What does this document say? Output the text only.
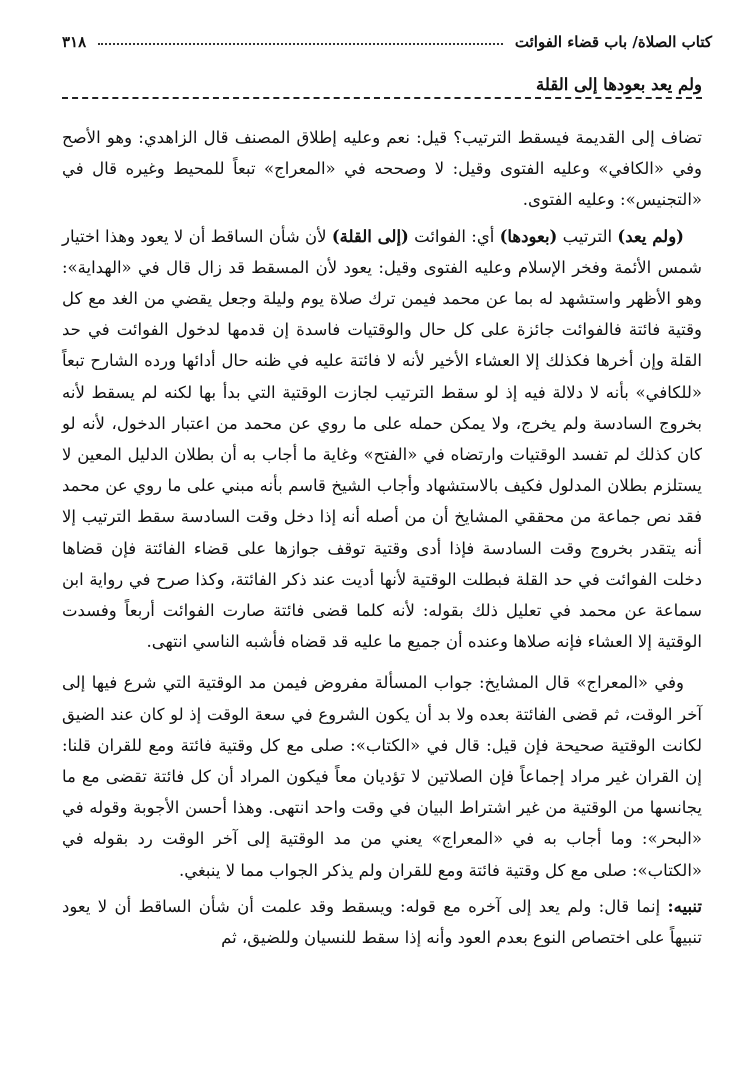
كتاب الصلاة/ باب قضاء الفوائت
٣١٨
ولم يعد بعودها إلى القلة

تضاف إلى القديمة فيسقط الترتيب؟ قيل: نعم وعليه إطلاق المصنف قال الزاهدي: وهو الأصح وفي «الكافي» وعليه الفتوى وقيل: لا وصححه في «المعراج» تبعاً للمحيط وغيره قال في «التجنيس»: وعليه الفتوى.

(ولم يعد) الترتيب (بعودها) أي: الفوائت (إلى القلة) لأن شأن الساقط أن لا يعود وهذا اختيار شمس الأئمة وفخر الإسلام وعليه الفتوى وقيل: يعود لأن المسقط قد زال قال في «الهداية»: وهو الأظهر واستشهد له بما عن محمد فيمن ترك صلاة يوم وليلة وجعل يقضي من الغد مع كل وقتية فائتة فالفوائت جائزة على كل حال والوقتيات فاسدة إن قدمها لدخول الفوائت في حد القلة وإن أخرها فكذلك إلا العشاء الأخير لأنه لا فائتة عليه في ظنه حال أدائها ورده الشارح تبعاً «للكافي» بأنه لا دلالة فيه إذ لو سقط الترتيب لجازت الوقتية التي بدأ بها لكنه لم يسقط لأنه بخروج السادسة ولم يخرج، ولا يمكن حمله على ما روي عن محمد من اعتبار الدخول، لأنه لو كان كذلك لم تفسد الوقتيات وارتضاه في «الفتح» وغاية ما أجاب به أن بطلان الدليل المعين لا يستلزم بطلان المدلول فكيف بالاستشهاد وأجاب الشيخ قاسم بأنه مبني على ما روي عن محمد فقد نص جماعة من محققي المشايخ أن من أصله أنه إذا دخل وقت السادسة سقط الترتيب إلا أنه يتقدر بخروج وقت السادسة فإذا أدى وقتية توقف جوازها على قضاء الفائتة فإن قضاها دخلت الفوائت في حد القلة فبطلت الوقتية لأنها أديت عند ذكر الفائتة، وكذا صرح في رواية ابن سماعة عن محمد في تعليل ذلك بقوله: لأنه كلما قضى فائتة صارت الفوائت أربعاً وفسدت الوقتية إلا العشاء فإنه صلاها وعنده أن جميع ما عليه قد قضاه فأشبه الناسي انتهى.

وفي «المعراج» قال المشايخ: جواب المسألة مفروض فيمن مد الوقتية التي شرع فيها إلى آخر الوقت، ثم قضى الفائتة بعده ولا بد أن يكون الشروع في سعة الوقت إذ لو كان عند الضيق لكانت الوقتية صحيحة فإن قيل: قال في «الكتاب»: صلى مع كل وقتية فائتة ومع للقران قلنا: إن القران غير مراد إجماعاً فإن الصلاتين لا تؤديان معاً فيكون المراد أن كل فائتة تقضى مع ما يجانسها من الوقتية من غير اشتراط البيان في وقت واحد انتهى. وهذا أحسن الأجوبة وقوله في «البحر»: وما أجاب به في «المعراج» يعني من مد الوقتية إلى آخر الوقت رد بقوله في «الكتاب»: صلى مع كل وقتية فائتة ومع للقران ولم يذكر الجواب مما لا ينبغي.

تنبيه: إنما قال: ولم يعد إلى آخره مع قوله: ويسقط وقد علمت أن شأن الساقط أن لا يعود تنبيهاً على اختصاص النوع بعدم العود وأنه إذا سقط للنسيان وللضيق، ثم
